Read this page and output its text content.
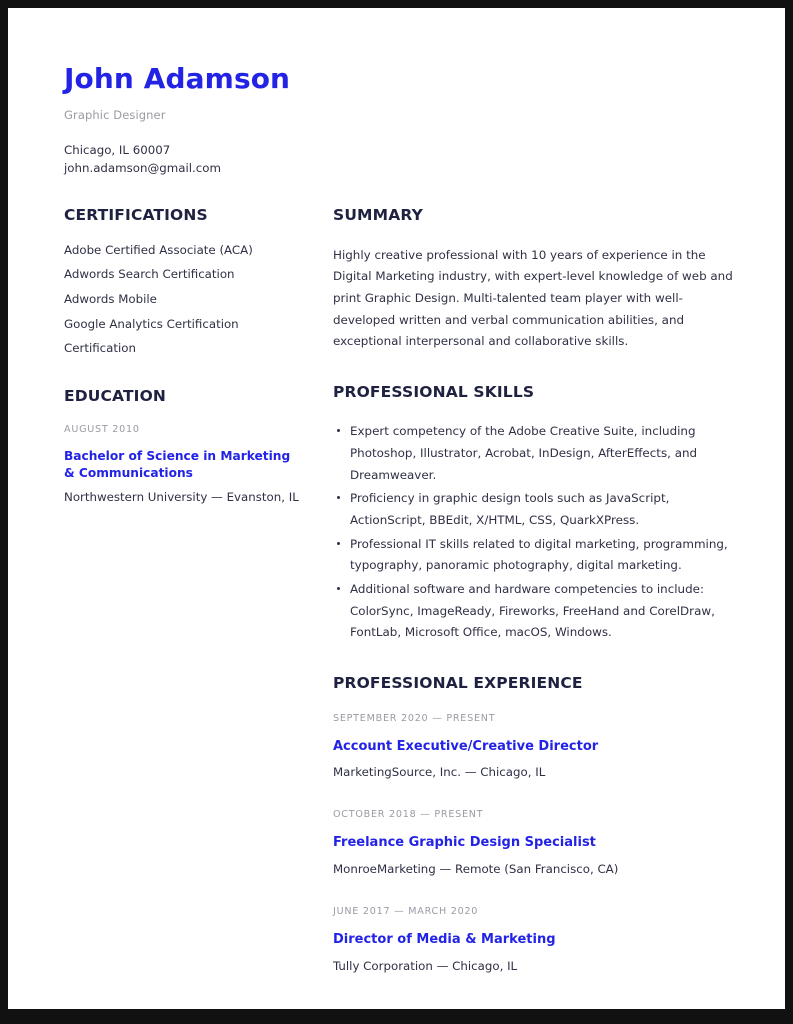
John Adamson
Graphic Designer
Chicago, IL 60007
john.adamson@gmail.com
CERTIFICATIONS
Adobe Certified Associate (ACA)
Adwords Search Certification
Adwords Mobile
Google Analytics Certification
Certification
EDUCATION
AUGUST 2010
Bachelor of Science in Marketing & Communications
Northwestern University — Evanston, IL
SUMMARY
Highly creative professional with 10 years of experience in the Digital Marketing industry, with expert-level knowledge of web and print Graphic Design. Multi-talented team player with well-developed written and verbal communication abilities, and exceptional interpersonal and collaborative skills.
PROFESSIONAL SKILLS
Expert competency of the Adobe Creative Suite, including Photoshop, Illustrator, Acrobat, InDesign, AfterEffects, and Dreamweaver.
Proficiency in graphic design tools such as JavaScript, ActionScript, BBEdit, X/HTML, CSS, QuarkXPress.
Professional IT skills related to digital marketing, programming, typography, panoramic photography, digital marketing.
Additional software and hardware competencies to include: ColorSync, ImageReady, Fireworks, FreeHand and CorelDraw, FontLab, Microsoft Office, macOS, Windows.
PROFESSIONAL EXPERIENCE
SEPTEMBER 2020 — PRESENT
Account Executive/Creative Director
MarketingSource, Inc. — Chicago, IL
OCTOBER 2018 — PRESENT
Freelance Graphic Design Specialist
MonroeMarketing — Remote (San Francisco, CA)
JUNE 2017 — MARCH 2020
Director of Media & Marketing
Tully Corporation — Chicago, IL
